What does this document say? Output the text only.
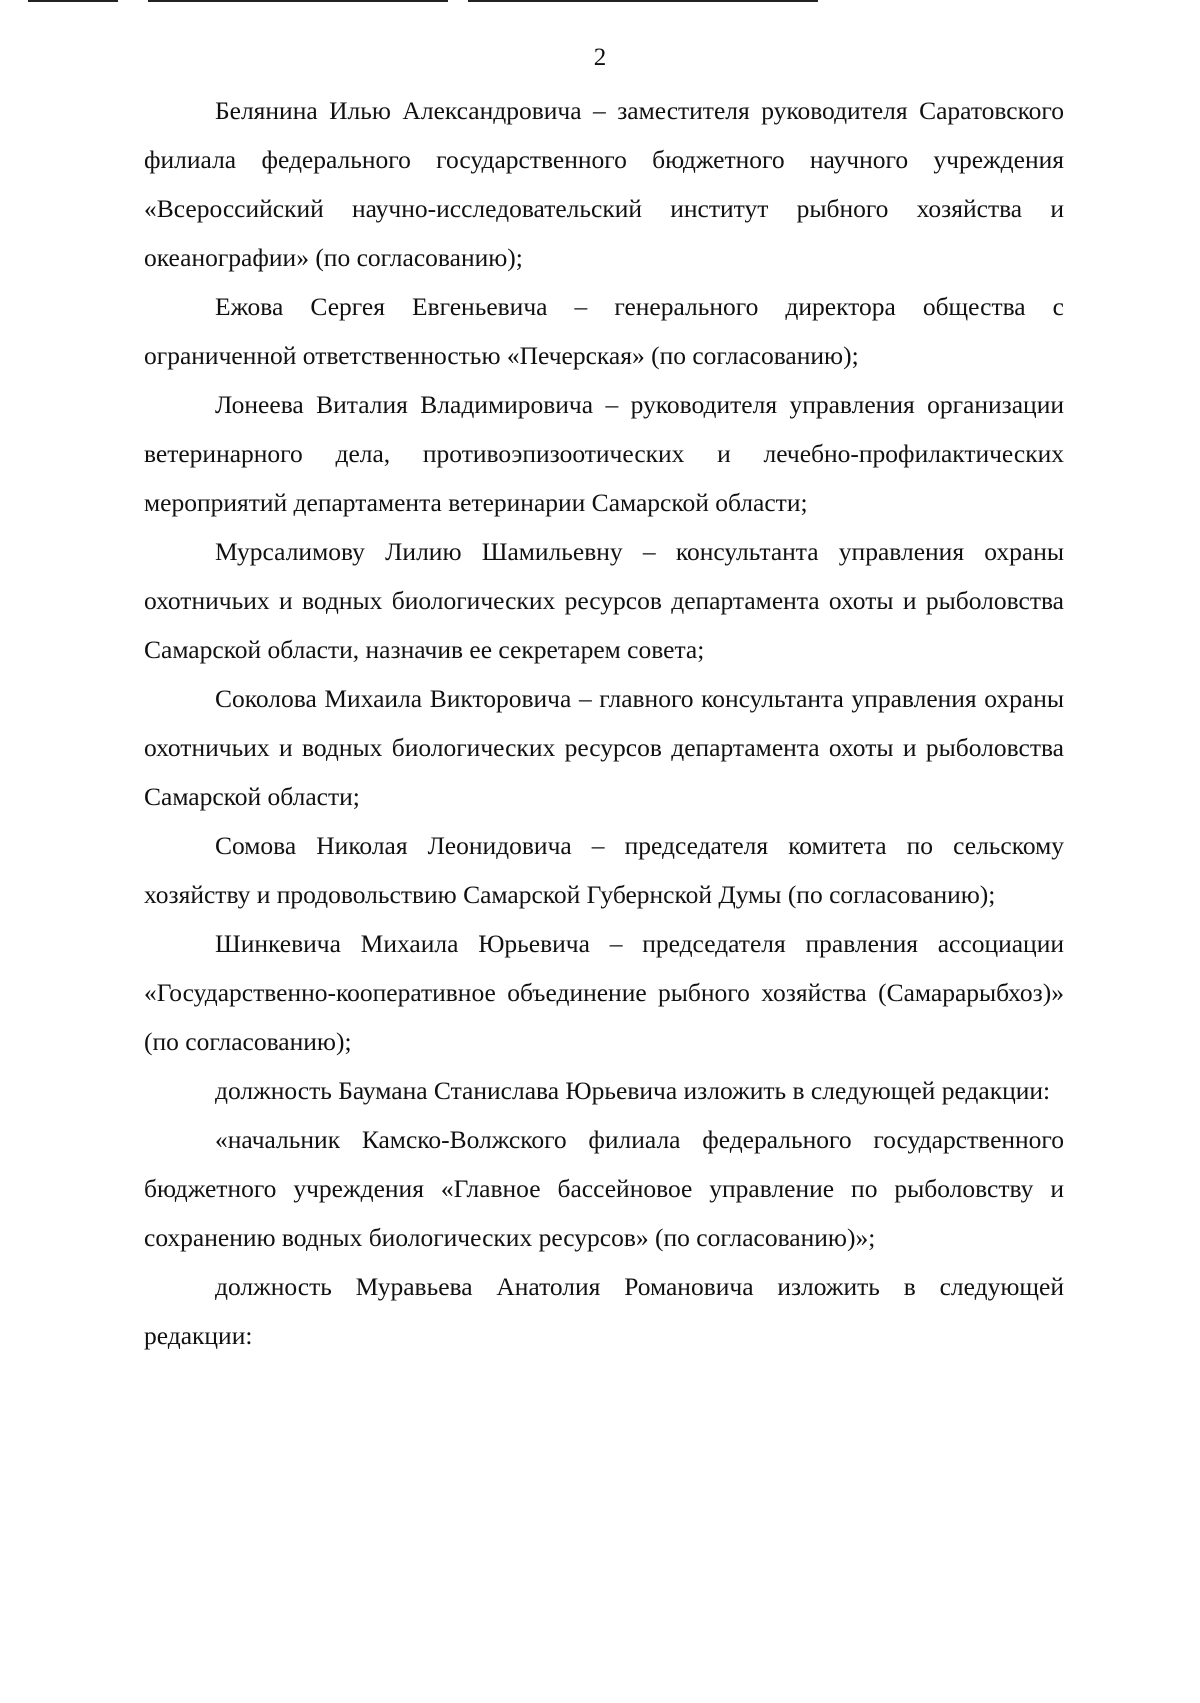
2

Белянина Илью Александровича – заместителя руководителя Саратовского филиала федерального государственного бюджетного научного учреждения «Всероссийский научно-исследовательский институт рыбного хозяйства и океанографии» (по согласованию);

Ежова Сергея Евгеньевича – генерального директора общества с ограниченной ответственностью «Печерская» (по согласованию);

Лонеева Виталия Владимировича – руководителя управления организации ветеринарного дела, противоэпизоотических и лечебно-профилактических мероприятий департамента ветеринарии Самарской области;

Мурсалимову Лилию Шамильевну – консультанта управления охраны охотничьих и водных биологических ресурсов департамента охоты и рыболовства Самарской области, назначив ее секретарем совета;

Соколова Михаила Викторовича – главного консультанта управления охраны охотничьих и водных биологических ресурсов департамента охоты и рыболовства Самарской области;

Сомова Николая Леонидовича – председателя комитета по сельскому хозяйству и продовольствию Самарской Губернской Думы (по согласованию);

Шинкевича Михаила Юрьевича – председателя правления ассоциации «Государственно-кооперативное объединение рыбного хозяйства (Самарарыбхоз)» (по согласованию);

должность Баумана Станислава Юрьевича изложить в следующей редакции:

«начальник Камско-Волжского филиала федерального государственного бюджетного учреждения «Главное бассейновое управление по рыболовству и сохранению водных биологических ресурсов» (по согласованию)»;

должность Муравьева Анатолия Романовича изложить в следующей редакции:
